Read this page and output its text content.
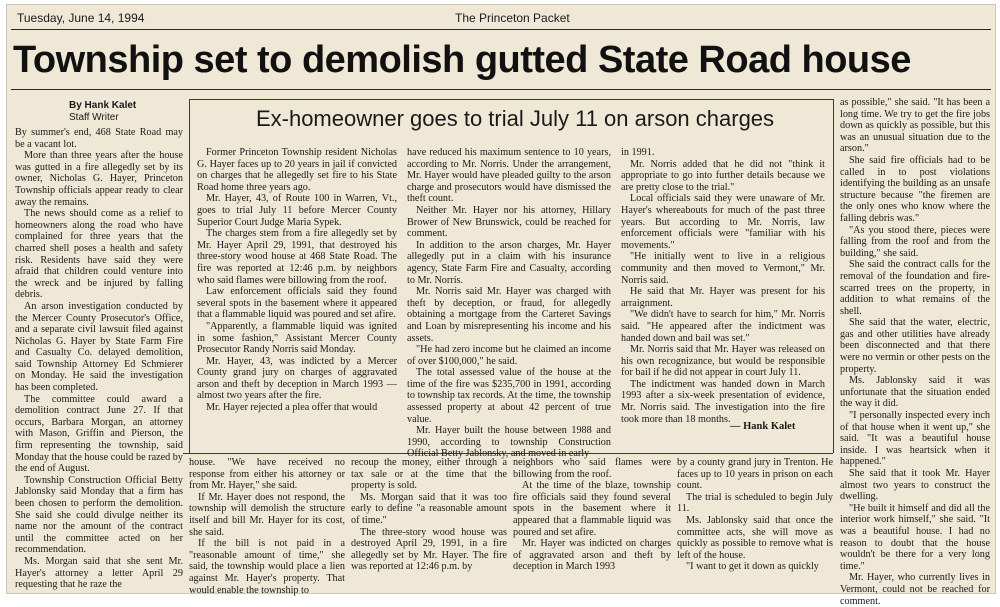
Tuesday, June 14, 1994	The Princeton Packet
Township set to demolish gutted State Road house
By Hank Kalet
Staff Writer

By summer's end, 468 State Road may be a vacant lot.

More than three years after the house was gutted in a fire allegedly set by its owner, Nicholas G. Hayer, Princeton Township officials appear ready to clear away the remains.

The news should come as a relief to homeowners along the road who have complained for three years that the charred shell poses a health and safety risk. Residents have said they were afraid that children could venture into the wreck and be injured by falling debris.

An arson investigation conducted by the Mercer County Prosecutor's Office, and a separate civil lawsuit filed against Nicholas G. Hayer by State Farm Fire and Casualty Co. delayed demolition, said Township Attorney Ed Schmierer on Monday. He said the investigation has been completed.

The committee could award a demolition contract June 27. If that occurs, Barbara Morgan, an attorney with Mason, Griffin and Pierson, the firm representing the township, said Monday that the house could be razed by the end of August.

Township Construction Official Betty Jablonsky said Monday that a firm has been chosen to perform the demolition. She said she could divulge neither its name nor the amount of the contract until the committee acted on her recommendation.

Ms. Morgan said that she sent Mr. Hayer's attorney a letter April 29 requesting that he raze the

Ex-homeowner goes to trial July 11 on arson charges

Former Princeton Township resident Nicholas G. Hayer faces up to 20 years in jail if convicted on charges that he allegedly set fire to his State Road home three years ago.

Mr. Hayer, 43, of Route 100 in Warren, Vt., goes to trial July 11 before Mercer County Superior Court Judge Maria Sypek.

The charges stem from a fire allegedly set by Mr. Hayer April 29, 1991, that destroyed his three-story wood house at 468 State Road. The fire was reported at 12:46 p.m. by neighbors who said flames were billowing from the roof.

Law enforcement officials said they found several spots in the basement where it appeared that a flammable liquid was poured and set afire.

"Apparently, a flammable liquid was ignited in some fashion," Assistant Mercer County Prosecutor Randy Norris said Monday.

Mr. Hayer, 43, was indicted by a Mercer County grand jury on charges of aggravated arson and theft by deception in March 1993 — almost two years after the fire.

Mr. Hayer rejected a plea offer that would

have reduced his maximum sentence to 10 years, according to Mr. Norris. Under the arrangement, Mr. Hayer would have pleaded guilty to the arson charge and prosecutors would have dismissed the theft count.

Neither Mr. Hayer nor his attorney, Hillary Brower of New Brunswick, could be reached for comment.

In addition to the arson charges, Mr. Hayer allegedly put in a claim with his insurance agency, State Farm Fire and Casualty, according to Mr. Norris.

Mr. Norris said Mr. Hayer was charged with theft by deception, or fraud, for allegedly obtaining a mortgage from the Carteret Savings and Loan by misrepresenting his income and his assets.

"He had zero income but he claimed an income of over $100,000," he said.

The total assessed value of the house at the time of the fire was $235,700 in 1991, according to township tax records. At the time, the township assessed property at about 42 percent of true value.

Mr. Hayer built the house between 1988 and 1990, according to township Construction Official Betty Jablonsky, and moved in early

in 1991.

Mr. Norris added that he did not "think it appropriate to go into further details because we are pretty close to the trial."

Local officials said they were unaware of Mr. Hayer's whereabouts for much of the past three years. But according to Mr. Norris, law enforcement officials were "familiar with his movements."

"He initially went to live in a religious community and then moved to Vermont," Mr. Norris said.

He said that Mr. Hayer was present for his arraignment.

"We didn't have to search for him," Mr. Norris said. "He appeared after the indictment was handed down and bail was set."

Mr. Norris said that Mr. Hayer was released on his own recognizance, but would be responsible for bail if he did not appear in court July 11.

The indictment was handed down in March 1993 after a six-week presentation of evidence, Mr. Norris said. The investigation into the fire took more than 18 months.

— Hank Kalet

as possible," she said. "It has been a long time. We try to get the fire jobs down as quickly as possible, but this was an unusual situation due to the arson."

She said fire officials had to be called in to post violations identifying the building as an unsafe structure because "the firemen are the only ones who know where the falling debris was."

"As you stood there, pieces were falling from the roof and from the building," she said.

She said the contract calls for the removal of the foundation and fire-scarred trees on the property, in addition to what remains of the shell.

She said that the water, electric, gas and other utilities have already been disconnected and that there were no vermin or other pests on the property.

Ms. Jablonsky said it was unfortunate that the situation ended the way it did.

"I personally inspected every inch of that house when it went up," she said. "It was a beautiful house inside. I was heartsick when it happened."

She said that it took Mr. Hayer almost two years to construct the dwelling.

"He built it himself and did all the interior work himself," she said. "It was a beautiful house. I had no reason to doubt that the house wouldn't be there for a very long time."

Mr. Hayer, who currently lives in Vermont, could not be reached for comment.

house. "We have received no response from either his attorney or from Mr. Hayer," she said.

If Mr. Hayer does not respond, the township will demolish the structure itself and bill Mr. Hayer for its cost, she said.

If the bill is not paid in a "reasonable amount of time," she said, the township would place a lien against Mr. Hayer's property. That would enable the township to

recoup the money, either through a tax sale or at the time that the property is sold.

Ms. Morgan said that it was too early to define "a reasonable amount of time."

The three-story wood house was destroyed April 29, 1991, in a fire allegedly set by Mr. Hayer. The fire was reported at 12:46 p.m. by

neighbors who said flames were billowing from the roof.

At the time of the blaze, township fire officials said they found several spots in the basement where it appeared that a flammable liquid was poured and set afire.

Mr. Hayer was indicted on charges of aggravated arson and theft by deception in March 1993

by a county grand jury in Trenton. He faces up to 10 years in prison on each count.

The trial is scheduled to begin July 11.

Ms. Jablonsky said that once the committee acts, she will move as quickly as possible to remove what is left of the house.

"I want to get it down as quickly
